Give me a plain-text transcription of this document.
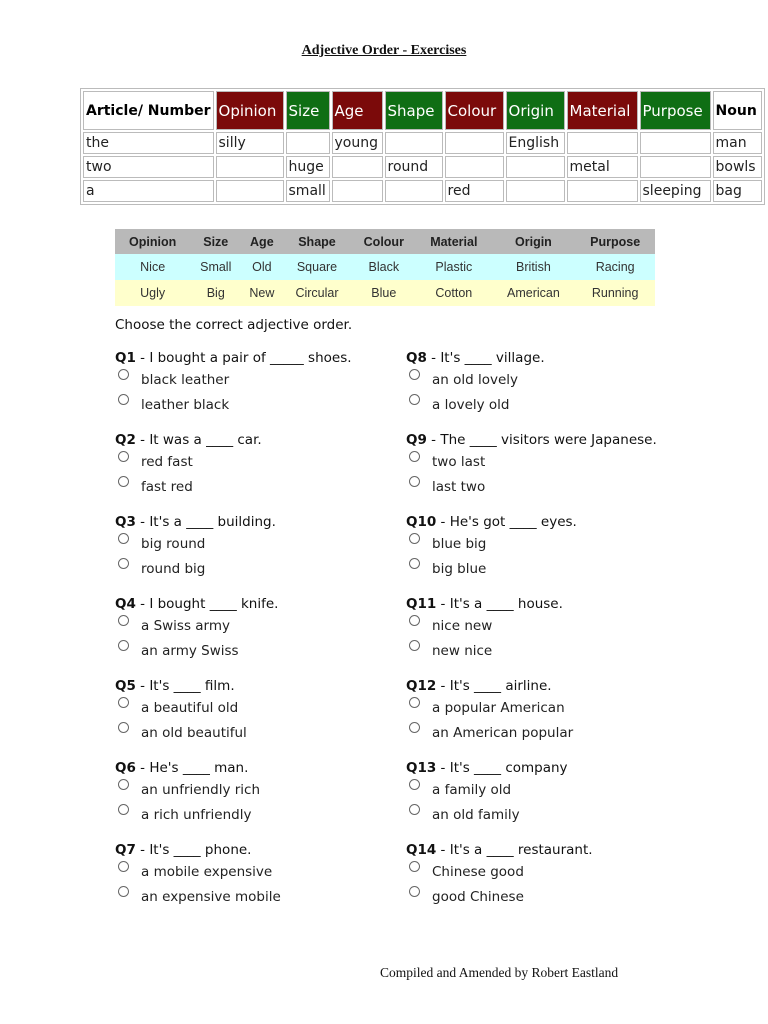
Adjective Order - Exercises
Article/ Number	Opinion	Size	Age	Shape	Colour	Origin	Material	Purpose	Noun
the	silly		young			English			man
two		huge		round			metal		bowls
a		small			red			sleeping	bag
Opinion	Size	Age	Shape	Colour	Material	Origin	Purpose
Nice	Small	Old	Square	Black	Plastic	British	Racing
Ugly	Big	New	Circular	Blue	Cotton	American	Running
Choose the correct adjective order.
Q1 - I bought a pair of _____ shoes.
black leather
leather black
Q2 - It was a ____ car.
red fast
fast red
Q3 - It's a ____ building.
big round
round big
Q4 - I bought ____ knife.
a Swiss army
an army Swiss
Q5 - It's ____ film.
a beautiful old
an old beautiful
Q6 - He's ____ man.
an unfriendly rich
a rich unfriendly
Q7 - It's ____ phone.
a mobile expensive
an expensive mobile
Q8 - It's ____ village.
an old lovely
a lovely old
Q9 - The ____ visitors were Japanese.
two last
last two
Q10 - He's got ____ eyes.
blue big
big blue
Q11 - It's a ____ house.
nice new
new nice
Q12 - It's ____ airline.
a popular American
an American popular
Q13 - It's ____ company
a family old
an old family
Q14 - It's a ____ restaurant.
Chinese good
good Chinese
Compiled and Amended by Robert Eastland
